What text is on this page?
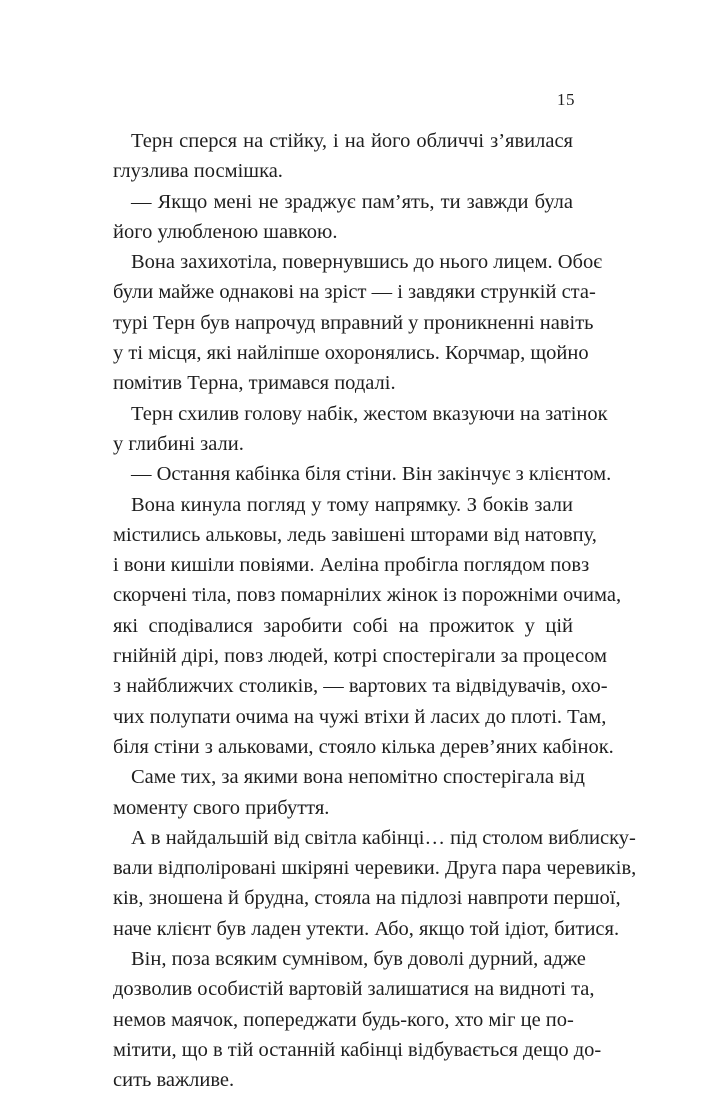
15
Терн сперся на стійку, і на його обличчі з’явилася
глузлива посмішка.
— Якщо мені не зраджує пам’ять, ти завжди була
його улюбленою шавкою.
Вона захихотіла, повернувшись до нього лицем. Обоє
були майже однакові на зріст — і завдяки стрункій ста-
турі Терн був напрочуд вправний у проникненні навіть
у ті місця, які найліпше охоронялись. Корчмар, щойно
помітив Терна, тримався подалі.
Терн схилив голову набік, жестом вказуючи на затінок
у глибині зали.
— Остання кабінка біля стіни. Він закінчує з клієнтом.
Вона кинула погляд у тому напрямку. З боків зали
містились альковы, ледь завішені шторами від натовпу,
і вони кишіли повіями. Аеліна пробігла поглядом повз
скорчені тіла, повз помарнілих жінок із порожніми очима,
які сподівалися заробити собі на прожиток у цій
гнійній дірі, повз людей, котрі спостерігали за процесом
з найближчих столиків, — вартових та відвідувачів, охо-
чих полупати очима на чужі втіхи й ласих до плоті. Там,
біля стіни з альковами, стояло кілька дерев’яних кабінок.
Саме тих, за якими вона непомітно спостерігала від
моменту свого прибуття.
А в найдальшій від світла кабінці… під столом виблиску-
вали відполіровані шкіряні черевики. Друга пара черевиків,
ків, зношена й брудна, стояла на підлозі навпроти першої,
наче клієнт був ладен утекти. Або, якщо той ідіот, битися.
Він, поза всяким сумнівом, був доволі дурний, адже
дозволив особистій вартовій залишатися на видноті та,
немов маячок, попереджати будь-кого, хто міг це по-
мітити, що в тій останній кабінці відбувається дещо до-
сить важливе.
